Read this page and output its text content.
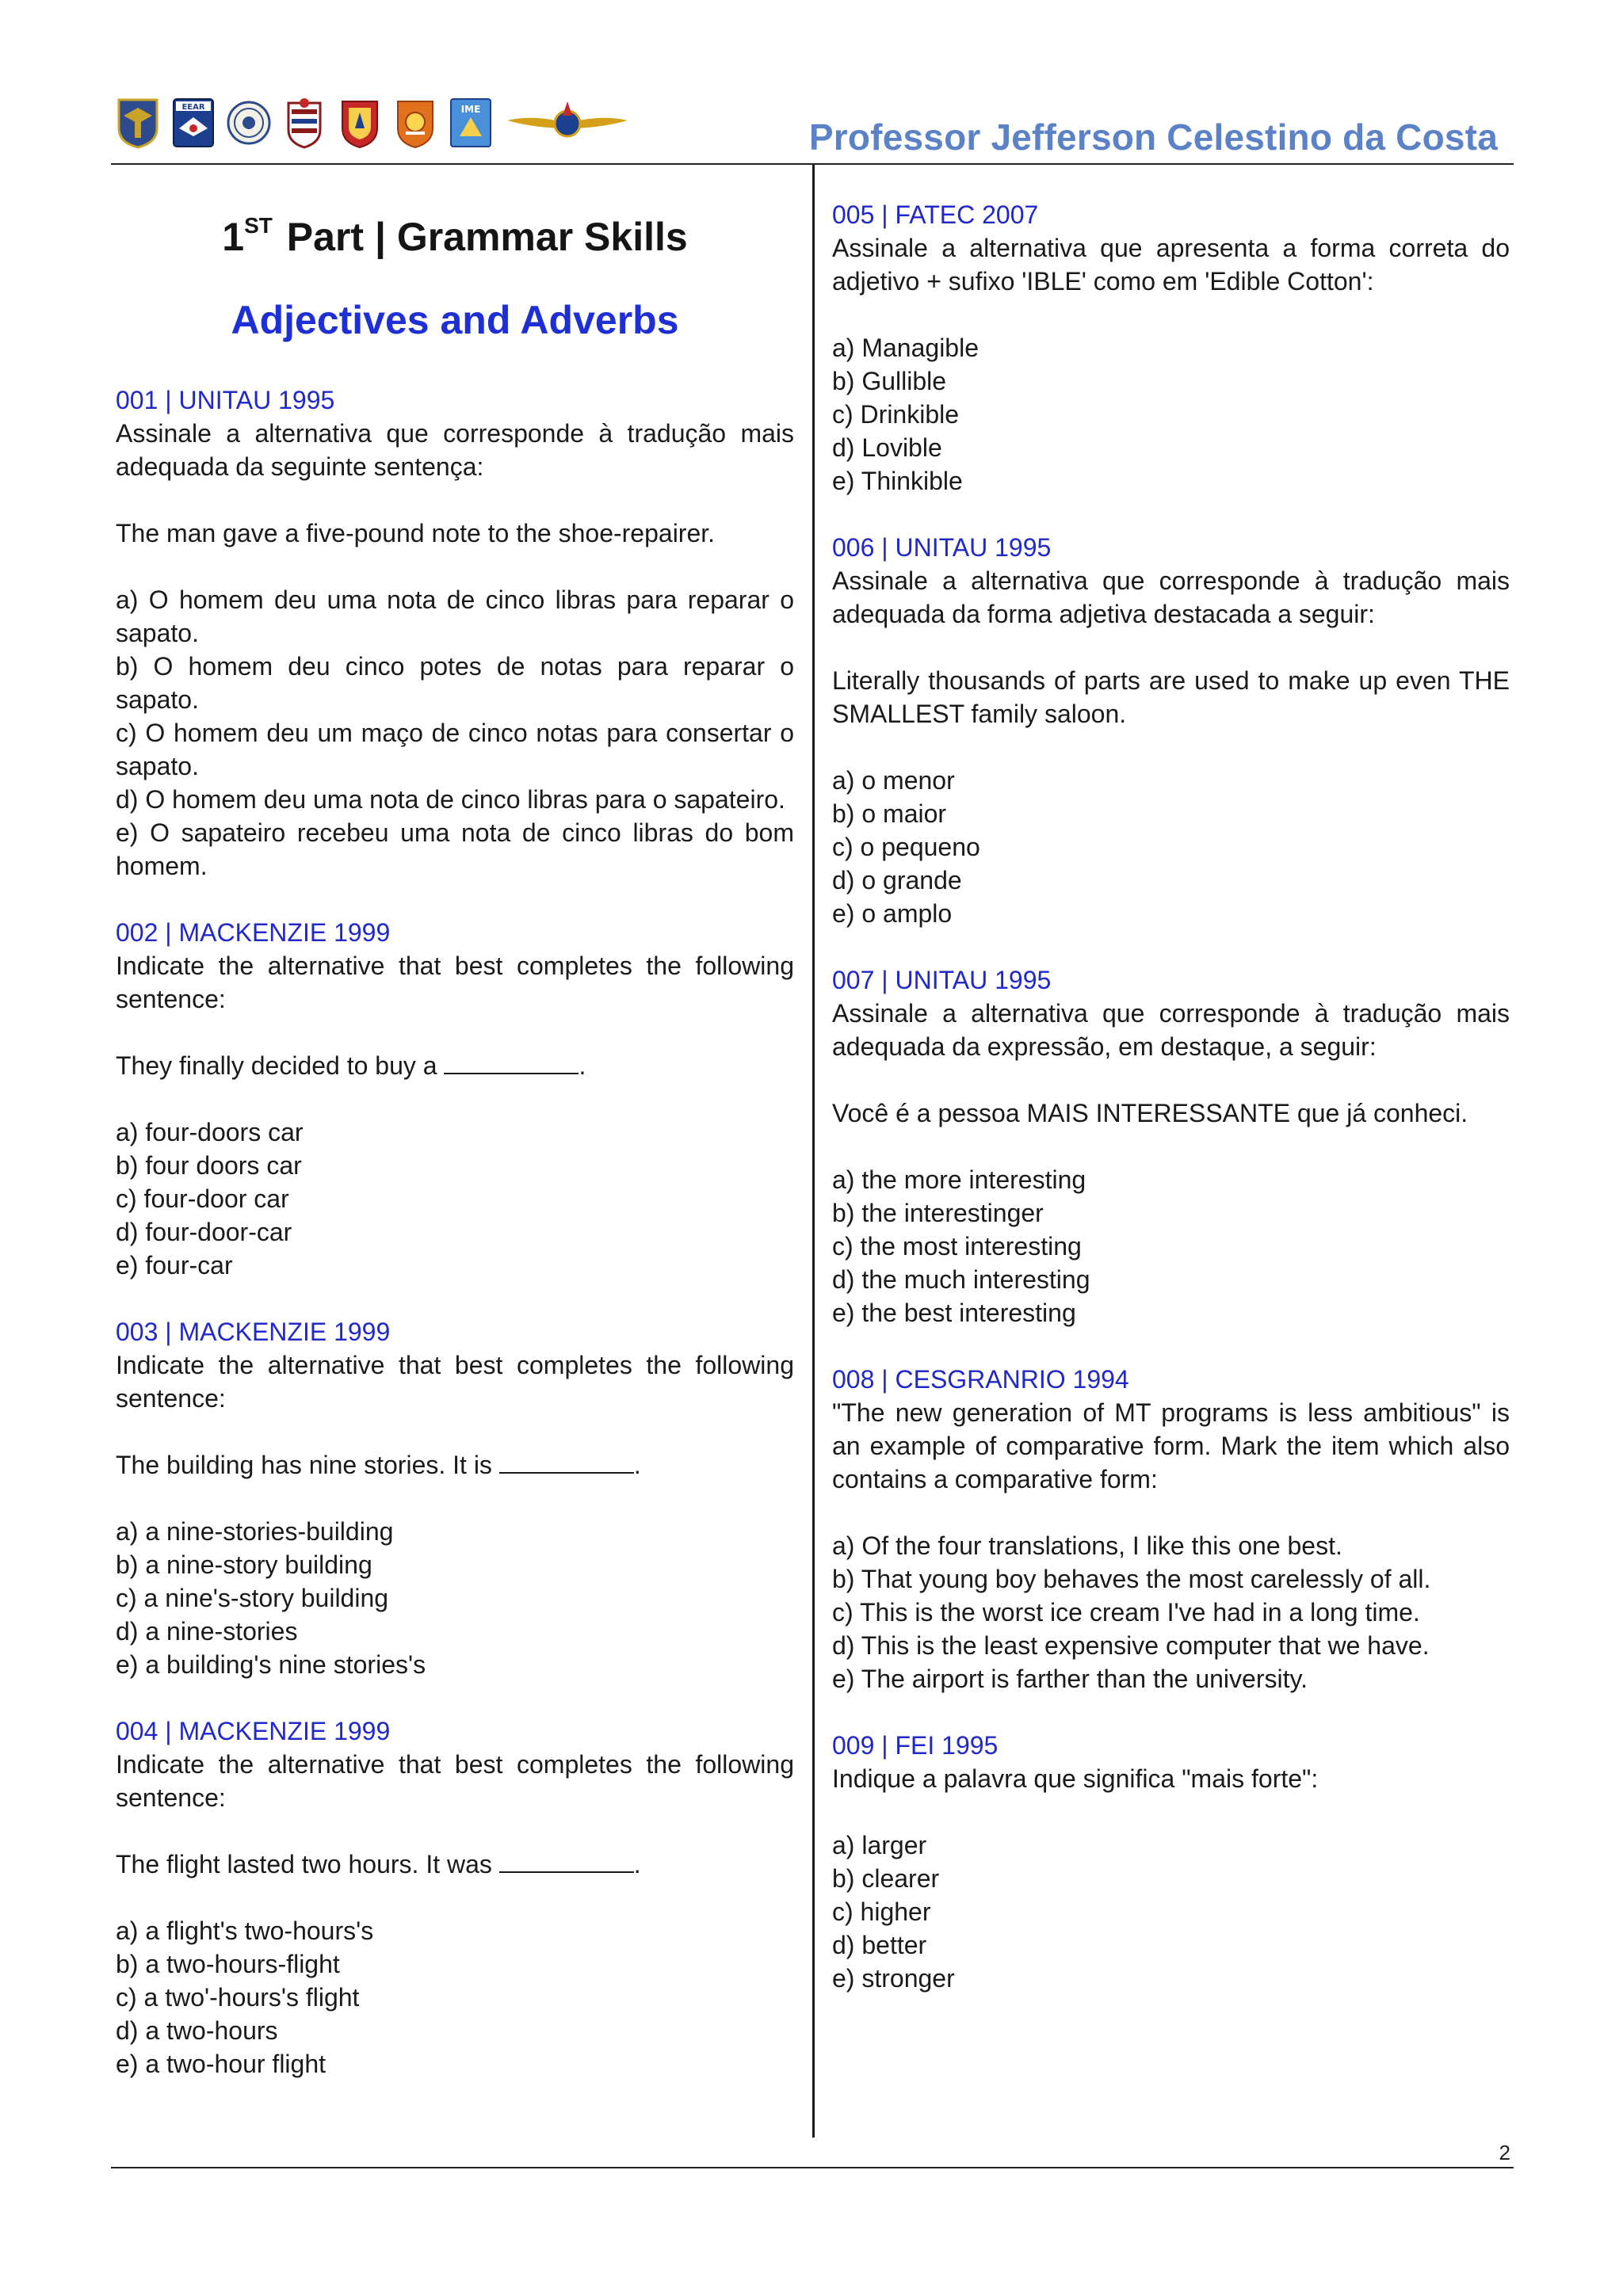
EEAR	IME
Professor Jefferson Celestino da Costa
1ST Part | Grammar Skills
Adjectives and Adverbs
001 | UNITAU 1995
Assinale a alternativa que corresponde à tradução mais adequada da seguinte sentença:
The man gave a five-pound note to the shoe-repairer.
a) O homem deu uma nota de cinco libras para reparar o sapato.
b) O homem deu cinco potes de notas para reparar o sapato.
c) O homem deu um maço de cinco notas para consertar o sapato.
d) O homem deu uma nota de cinco libras para o sapateiro.
e) O sapateiro recebeu uma nota de cinco libras do bom homem.
002 | MACKENZIE 1999
Indicate the alternative that best completes the following sentence:
They finally decided to buy a	.
a) four-doors car
b) four doors car
c) four-door car
d) four-door-car
e) four-car
003 | MACKENZIE 1999
Indicate the alternative that best completes the following sentence:
The building has nine stories. It is	.
a) a nine-stories-building
b) a nine-story building
c) a nine's-story building
d) a nine-stories
e) a building's nine stories's
004 | MACKENZIE 1999
Indicate the alternative that best completes the following sentence:
The flight lasted two hours. It was	.
a) a flight's two-hours's
b) a two-hours-flight
c) a two'-hours's flight
d) a two-hours
e) a two-hour flight
005 | FATEC 2007
Assinale a alternativa que apresenta a forma correta do adjetivo + sufixo 'IBLE' como em 'Edible Cotton':
a) Managible
b) Gullible
c) Drinkible
d) Lovible
e) Thinkible
006 | UNITAU 1995
Assinale a alternativa que corresponde à tradução mais adequada da forma adjetiva destacada a seguir:
Literally thousands of parts are used to make up even THE SMALLEST family saloon.
a) o menor
b) o maior
c) o pequeno
d) o grande
e) o amplo
007 | UNITAU 1995
Assinale a alternativa que corresponde à tradução mais adequada da expressão, em destaque, a seguir:
Você é a pessoa MAIS INTERESSANTE que já conheci.
a) the more interesting
b) the interestinger
c) the most interesting
d) the much interesting
e) the best interesting
008 | CESGRANRIO 1994
"The new generation of MT programs is less ambitious" is an example of comparative form. Mark the item which also contains a comparative form:
a) Of the four translations, I like this one best.
b) That young boy behaves the most carelessly of all.
c) This is the worst ice cream I've had in a long time.
d) This is the least expensive computer that we have.
e) The airport is farther than the university.
009 | FEI 1995
Indique a palavra que significa "mais forte":
a) larger
b) clearer
c) higher
d) better
e) stronger
2
